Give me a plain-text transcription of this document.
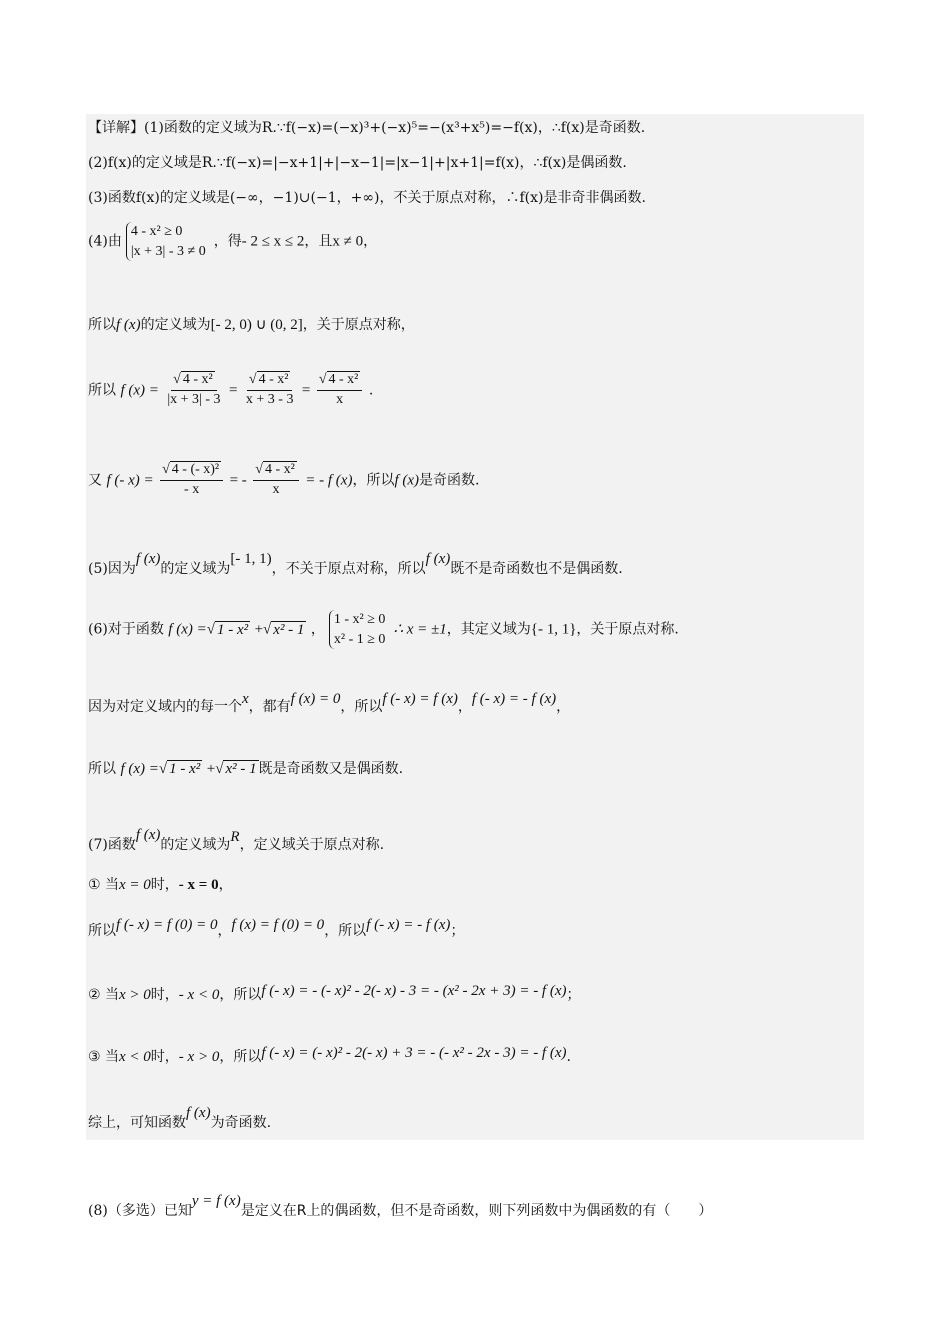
【详解】(1)函数的定义域为R.∵f(−x)=(−x)³+(−x)⁵=−(x³+x⁵)=−f(x)，∴f(x)是奇函数.
(2)f(x)的定义域是R.∵f(−x)=|−x+1|+|−x−1|=|x−1|+|x+1|=f(x)，∴f(x)是偶函数.
(3)函数f(x)的定义域是(−∞，−1)∪(−1，+∞)，不关于原点对称，∴f(x)是非奇非偶函数.
(4)由
4 - x² ≥ 0
|x + 3| - 3 ≠ 0
，得- 2 ≤ x ≤ 2，且x ≠ 0，
所以f (x)的定义域为[- 2, 0) ∪ (0, 2]，关于原点对称，
所以 f $(x) = \frac{\text{√ 4 - x²}}{|x + 3| - 3} = \frac{\text{√ 4 - x²}}{x + 3 - 3} = \frac{\text{√ 4 - x²}}{x}$ .
又 f (- $x) = \frac{\text{√ 4 - (- x)²}}{- x}$ = - $\frac{\text{√ 4 - x²}}{x}$ = - f (x)，所以f (x)是奇函数.
(5)因为f (x)的定义域为[- 1, 1)，不关于原点对称，所以f (x)既不是奇函数也不是偶函数.
(6)对于函数 f (x) =√ 1 - x² +√ x² - 1 ，
1 - x² ≥ 0
x² - 1 ≥ 0
∴ x = ±1，其定义域为{- 1, 1}，关于原点对称.
因为对定义域内的每一个x，都有f (x) = 0，所以f (- x) = f (x)，f (- x) = - f (x)，
所以 f (x) =√ 1 - x² +√ x² - 1 既是奇函数又是偶函数.
(7)函数f (x)的定义域为R，定义域关于原点对称.
① 当x = 0时，- x = 0，
所以f (- x) = f (0) = 0，f (x) = f (0) = 0，所以f (- x) = - f (x)；
② 当x > 0时，- x < 0，所以f (- x) = - (- x)² - 2(- x) - 3 = - (x² - 2x + 3) = - f (x)；
③ 当x < 0时，- x > 0，所以f (- x) = (- x)² - 2(- x) + 3 = - (- x² - 2x - 3) = - f (x).
综上，可知函数f (x)为奇函数.
(8)（多选）已知y = f (x)是定义在R上的偶函数，但不是奇函数，则下列函数中为偶函数的有（　　）
